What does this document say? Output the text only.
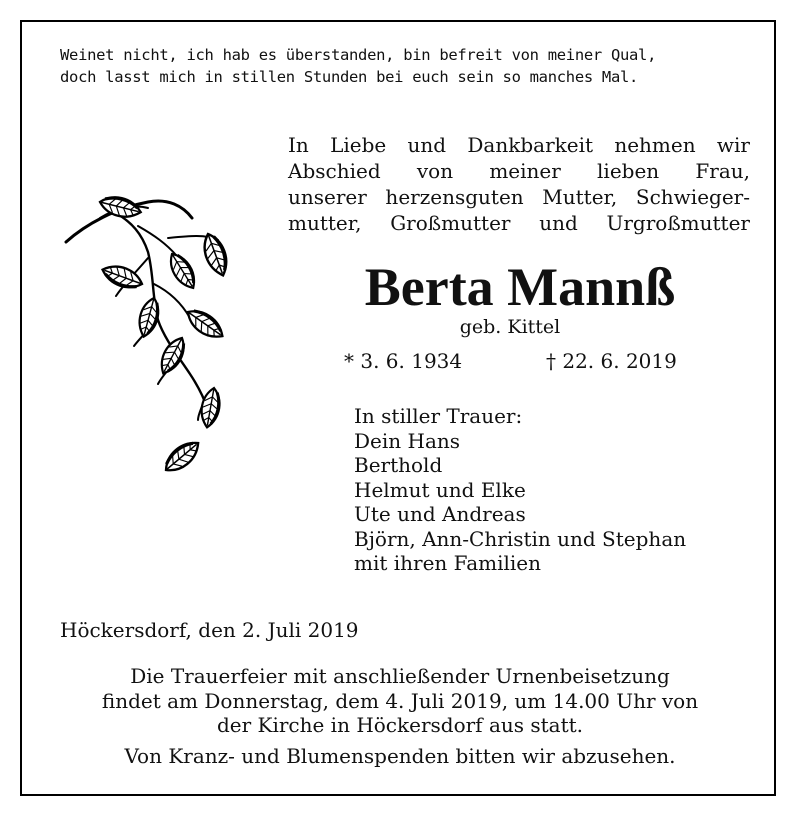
Weinet nicht, ich hab es überstanden, bin befreit von meiner Qual,
doch lasst mich in stillen Stunden bei euch sein so manches Mal.
In Liebe und Dankbarkeit nehmen wir
Abschied von meiner lieben Frau,
unserer herzensguten Mutter, Schwieger-
mutter, Großmutter und Urgroßmutter
Berta Mannß
geb. Kittel
* 3. 6. 1934	† 22. 6. 2019
In stiller Trauer:
Dein Hans
Berthold
Helmut und Elke
Ute und Andreas
Björn, Ann-Christin und Stephan
mit ihren Familien
Höckersdorf, den 2. Juli 2019
Die Trauerfeier mit anschließender Urnenbeisetzung
findet am Donnerstag, dem 4. Juli 2019, um 14.00 Uhr von
der Kirche in Höckersdorf aus statt.
Von Kranz- und Blumenspenden bitten wir abzusehen.
